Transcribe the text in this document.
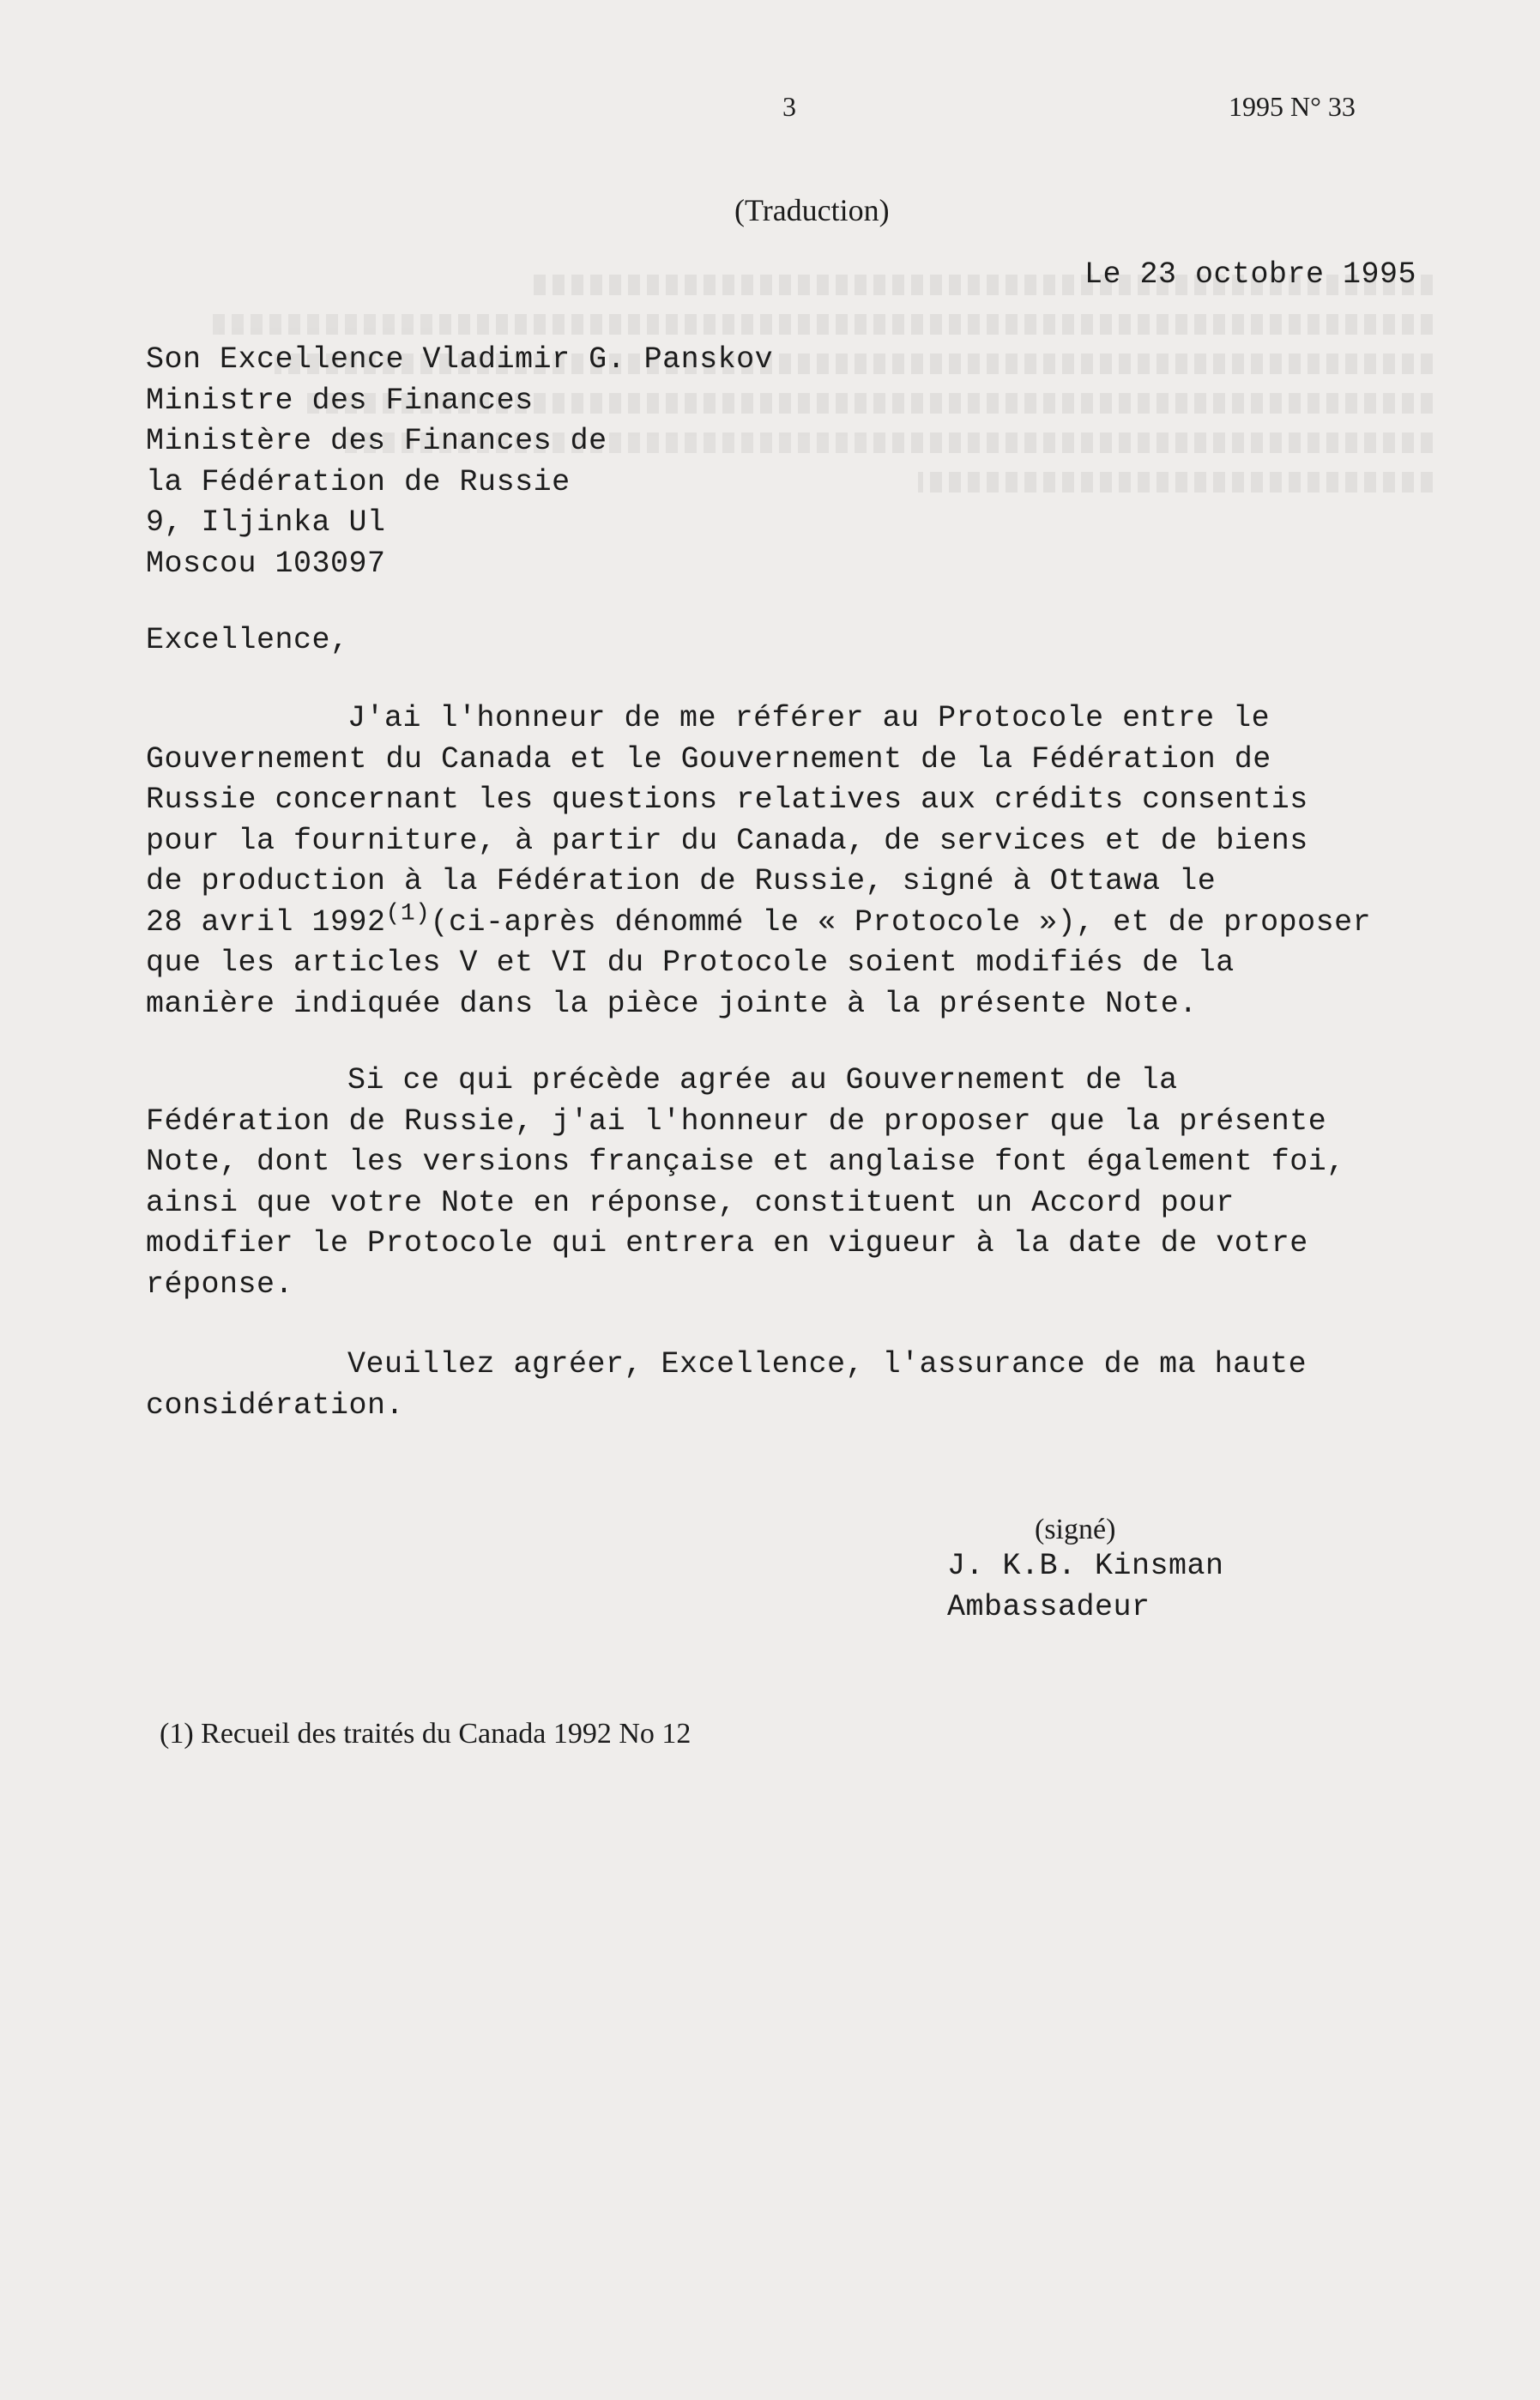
3	1995 N° 33
(Traduction)
Le 23 octobre 1995
Son Excellence Vladimir G. Panskov
Ministre des Finances
Ministère des Finances de
la Fédération de Russie
9, Iljinka Ul
Moscou 103097
Excellence,
J'ai l'honneur de me référer au Protocole entre le
Gouvernement du Canada et le Gouvernement de la Fédération de
Russie concernant les questions relatives aux crédits consentis
pour la fourniture, à partir du Canada, de services et de biens
de production à la Fédération de Russie, signé à Ottawa le
28 avril 1992$^{(1)}$(ci-après dénommé le « Protocole »), et de proposer
que les articles V et VI du Protocole soient modifiés de la
manière indiquée dans la pièce jointe à la présente Note.
Si ce qui précède agrée au Gouvernement de la
Fédération de Russie, j'ai l'honneur de proposer que la présente
Note, dont les versions française et anglaise font également foi,
ainsi que votre Note en réponse, constituent un Accord pour
modifier le Protocole qui entrera en vigueur à la date de votre
réponse.
Veuillez agréer, Excellence, l'assurance de ma haute
considération.
(signé)
J. K.B. Kinsman
Ambassadeur
(1) Recueil des traités du Canada 1992 No 12
